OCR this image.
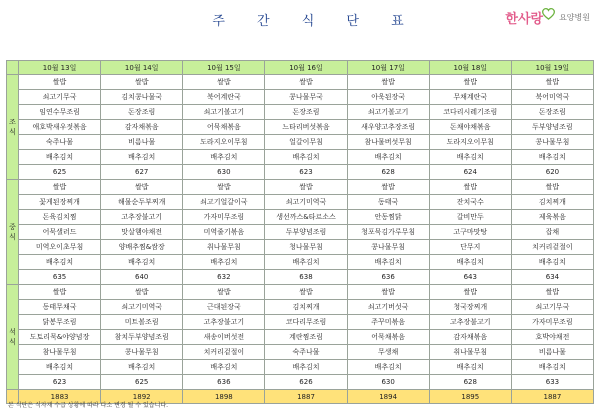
주 간 식 단 표	한사랑 요양병원
	10월 13일	10월 14일	10월 15일	10월 16일	10월 17일	10월 18일	10월 19일

조
식	쌀밥	쌀밥	쌀밥	쌀밥	쌀밥	쌀밥	쌀밥
	쇠고기무국	김치콩나물국	북어계란국	콩나물무국	아욱된장국	무채계란국	북어미역국
	임연수무조림	돈장조림	쇠고기볼고기	돈장조림	쇠고기볼고기	코다리시레기조림	돈장조림
	애호박새우젓볶음	감자채볶음	어묵채볶음	느타리버섯볶음	새우양고추장조림	돈채야채볶음	두부양념조림
	숙주나물	비름나물	도라지오이무침	얼갈이무침	참나물버섯무침	도라지오이무침	콩나물무침
	배추김치	배추김치	배추김치	배추김치	배추김치	배추김치	배추김치
	625	627	630	623	628	624	620

중
식	쌀밥	쌀밥	쌀밥	쌀밥	쌀밥	쌀밥	쌀밥
	꽃게된장찌개	해물순두부찌개	쇠고기얼갈이국	쇠고기미역국	동태국	잔치국수	김치찌개
	돈육김치찜	고추장불고기	가자미무조림	생선까스&타르소스	안동찜닭	갈비만두	제육볶음
	어묵샐러드	맛살햄야채전	미역줄기볶음	두부양념조림	청포묵김가루무침	고구마맛탕	잡채
	미역오이초무침	양배추찜&쌈장	취나물무침	청나물무침	콩나물무침	단무지	치커리겉절이
	배추김치	배추김치	배추김치	배추김치	배추김치	배추김치	배추김치
	635	640	632	638	636	643	634

석
식	쌀밥	쌀밥	쌀밥	쌀밥	쌀밥	쌀밥	쌀밥
	동태무채국	쇠고기미역국	근대된장국	김치찌개	쇠고기버섯국	청국장찌개	쇠고기무국
	닭봉무조림	미트볼조림	고추장불고기	코다리무조림	주꾸미볶음	고추장불고기	가자미무조림
	도토리묵&야양념장	참치두부양념조림	새송이버섯전	계란찜조림	어묵채볶음	감자채볶음	호박야채전
	참나물무침	콩나물무침	치커리겉절이	숙주나물	무생채	취나물무침	비름나물
	배추김치	배추김치	배추김치	배추김치	배추김치	배추김치	배추김치
	623	625	636	626	630	628	633
	1883	1892	1898	1887	1894	1895	1887
본 식단은 식자재 수급 상황에 따라 다소 변경 될 수 있습니다.
